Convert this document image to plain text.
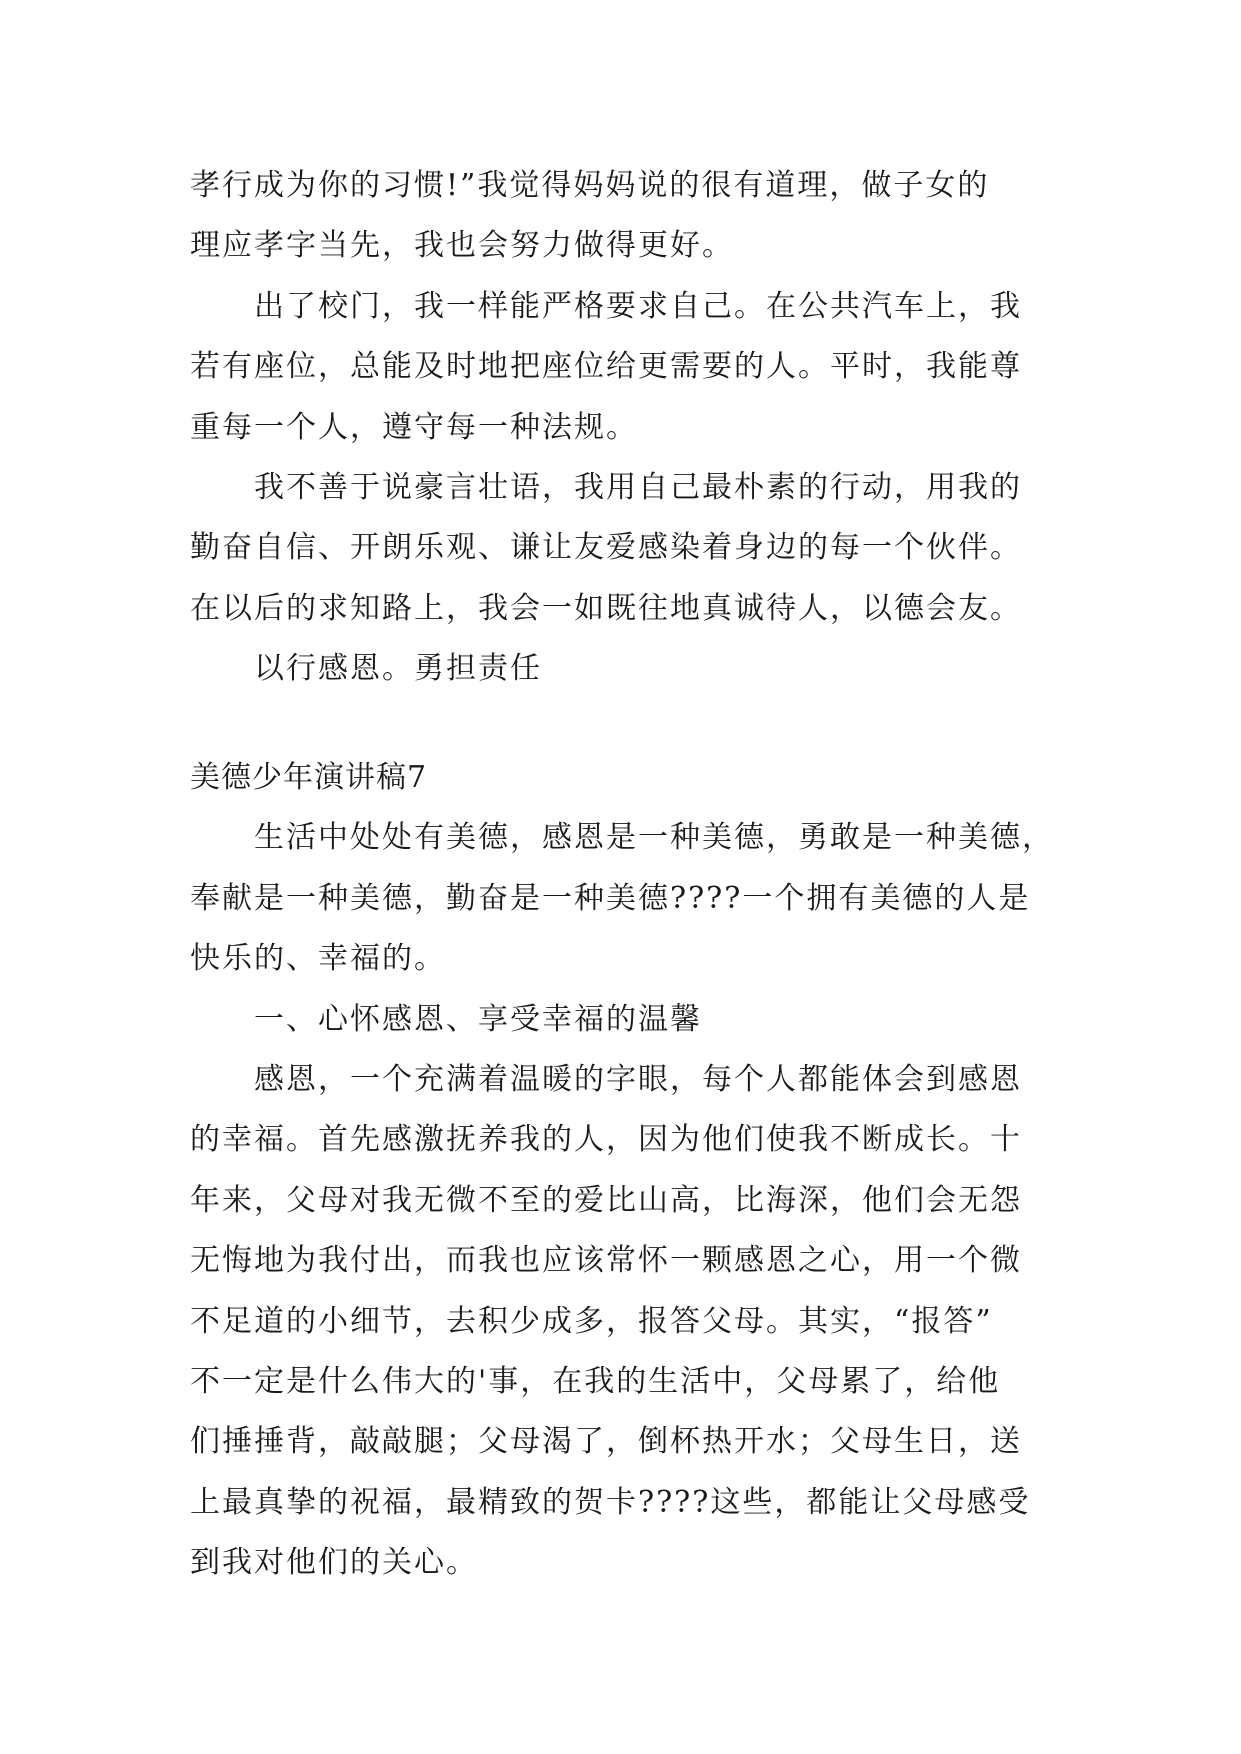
孝行成为你的习惯!”我觉得妈妈说的很有道理，做子女的
理应孝字当先，我也会努力做得更好。
出了校门，我一样能严格要求自己。在公共汽车上，我
若有座位，总能及时地把座位给更需要的人。平时，我能尊
重每一个人，遵守每一种法规。
我不善于说豪言壮语，我用自己最朴素的行动，用我的
勤奋自信、开朗乐观、谦让友爱感染着身边的每一个伙伴。
在以后的求知路上，我会一如既往地真诚待人，以德会友。
以行感恩。勇担责任
美德少年演讲稿7
生活中处处有美德，感恩是一种美德，勇敢是一种美德，
奉献是一种美德，勤奋是一种美德????一个拥有美德的人是
快乐的、幸福的。
一、心怀感恩、享受幸福的温馨
感恩，一个充满着温暖的字眼，每个人都能体会到感恩
的幸福。首先感激抚养我的人，因为他们使我不断成长。十
年来，父母对我无微不至的爱比山高，比海深，他们会无怨
无悔地为我付出，而我也应该常怀一颗感恩之心，用一个微
不足道的小细节，去积少成多，报答父母。其实，“报答”
不一定是什么伟大的'事，在我的生活中，父母累了，给他
们捶捶背，敲敲腿；父母渴了，倒杯热开水；父母生日，送
上最真挚的祝福，最精致的贺卡????这些，都能让父母感受
到我对他们的关心。
